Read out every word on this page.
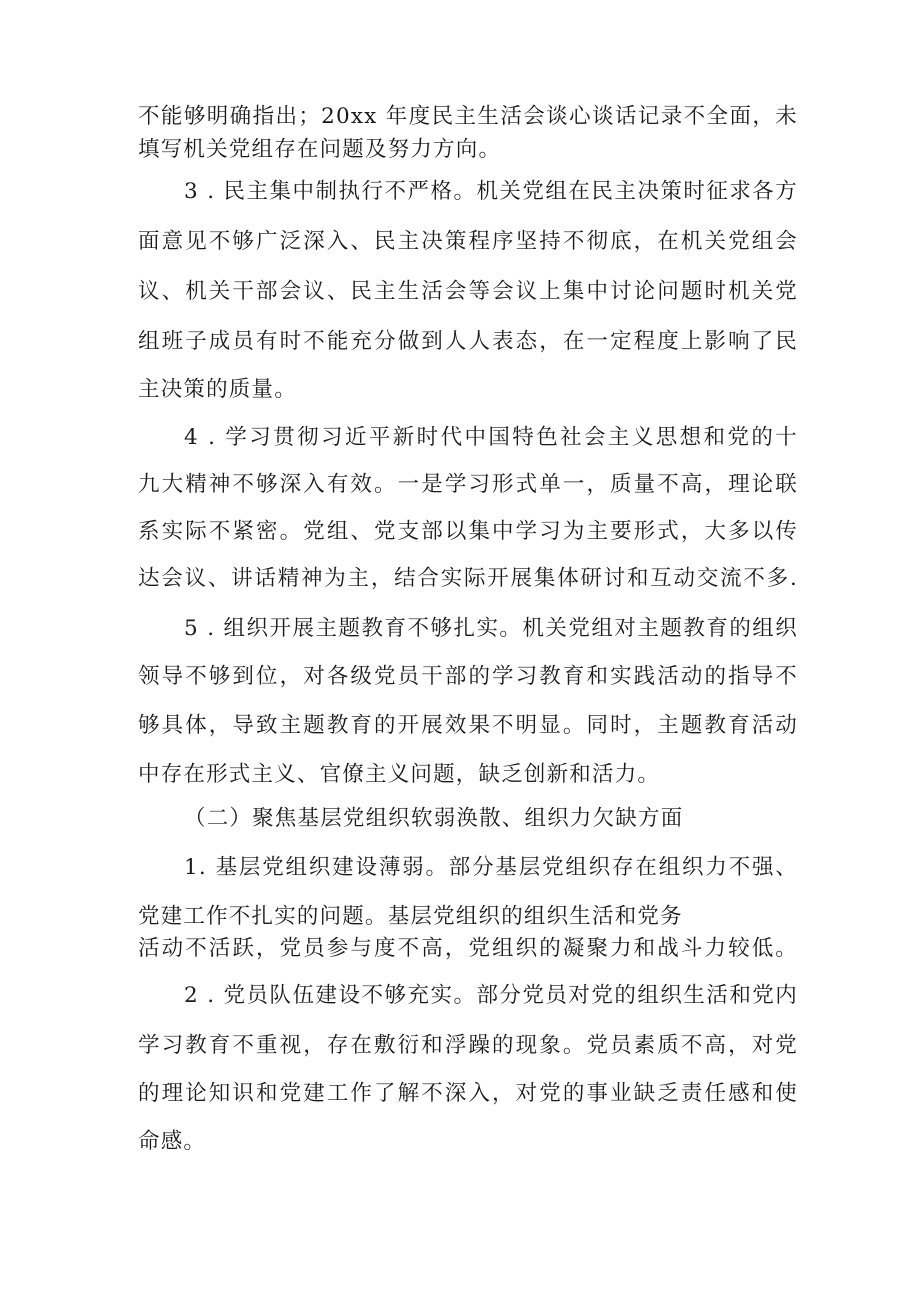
不能够明确指出；20xx 年度民主生活会谈心谈话记录不全面，未
填写机关党组存在问题及努力方向。
3 . 民主集中制执行不严格。机关党组在民主决策时征求各方
面意见不够广泛深入、民主决策程序坚持不彻底，在机关党组会
议、机关干部会议、民主生活会等会议上集中讨论问题时机关党
组班子成员有时不能充分做到人人表态，在一定程度上影响了民
主决策的质量。
4 . 学习贯彻习近平新时代中国特色社会主义思想和党的十
九大精神不够深入有效。一是学习形式单一，质量不高，理论联
系实际不紧密。党组、党支部以集中学习为主要形式，大多以传
达会议、讲话精神为主，结合实际开展集体研讨和互动交流不多.
5 . 组织开展主题教育不够扎实。机关党组对主题教育的组织
领导不够到位，对各级党员干部的学习教育和实践活动的指导不
够具体，导致主题教育的开展效果不明显。同时，主题教育活动
中存在形式主义、官僚主义问题，缺乏创新和活力。
（二）聚焦基层党组织软弱涣散、组织力欠缺方面
1. 基层党组织建设薄弱。部分基层党组织存在组织力不强、
党建工作不扎实的问题。基层党组织的组织生活和党务
活动不活跃，党员参与度不高，党组织的凝聚力和战斗力较低。
2 . 党员队伍建设不够充实。部分党员对党的组织生活和党内
学习教育不重视，存在敷衍和浮躁的现象。党员素质不高，对党
的理论知识和党建工作了解不深入，对党的事业缺乏责任感和使
命感。
